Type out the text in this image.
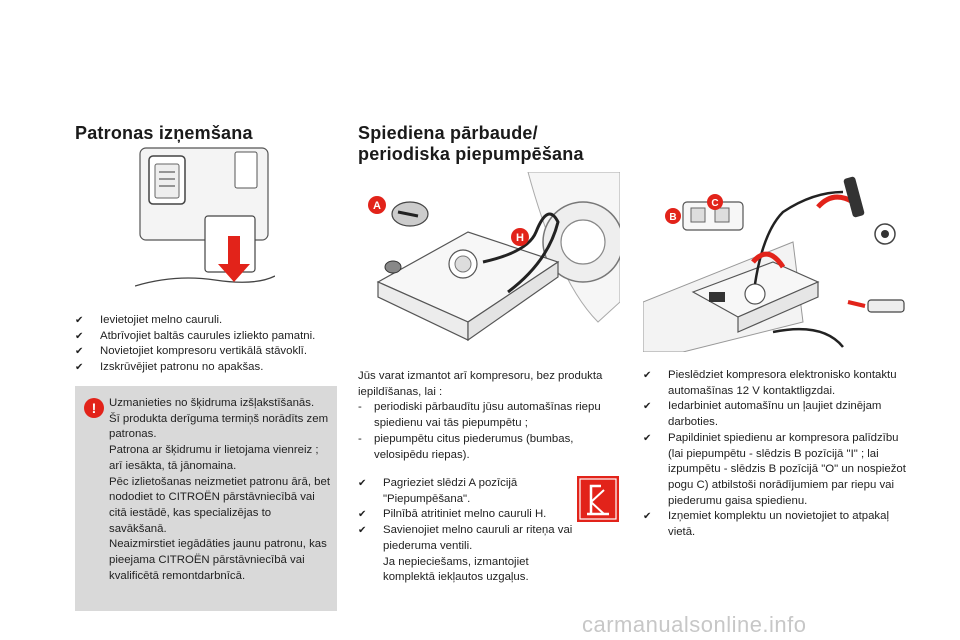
Patronas izņemšana
✔	Ievietojiet melno cauruli.
✔	Atbrīvojiet baltās caurules izliekto pamatni.
✔	Novietojiet kompresoru vertikālā stāvoklī.
✔	Izskrūvējiet patronu no apakšas.
!	Uzmanieties no šķidruma izšļakstīšanās.

Šī produkta derīguma termiņš norādīts zem patronas.

Patrona ar šķidrumu ir lietojama vienreiz ; arī iesākta, tā jānomaina.

Pēc izlietošanas neizmetiet patronu ārā, bet nododiet to CITROËN pārstāvniecībā vai citā iestādē, kas specializējas to savākšanā.

Neaizmirstiet iegādāties jaunu patronu, kas pieejama CITROËN pārstāvniecībā vai kvalificētā remontdarbnīcā.

Spiediena pārbaude/
periodiska piepumpēšana
A
H
B
C
Jūs varat izmantot arī kompresoru, bez produkta iepildīšanas, lai :
- periodiski pārbaudītu jūsu automašīnas riepu spiedienu vai tās piepumpētu ;
- piepumpētu citus piederumus (bumbas, velosipēdu riepas).
✔	Pagrieziet slēdzi A pozīcijā "Piepumpēšana".
✔	Pilnībā atritiniet melno cauruli H.
✔	Savienojiet melno cauruli ar riteņa vai piederuma ventili.
Ja nepieciešams, izmantojiet komplektā iekļautos uzgaļus.
✔	Pieslēdziet kompresora elektronisko kontaktu automašīnas 12 V kontaktligzdai.
✔	Iedarbiniet automašīnu un ļaujiet dzinējam darboties.
✔	Papildiniet spiedienu ar kompresora palīdzību (lai piepumpētu - slēdzis B pozīcijā "I" ; lai izpumpētu - slēdzis B pozīcijā "O" un nospiežot pogu C) atbilstoši norādījumiem par riepu vai piederumu gaisa spiedienu.
✔	Izņemiet komplektu un novietojiet to atpakaļ vietā.
carmanualsonline.info
